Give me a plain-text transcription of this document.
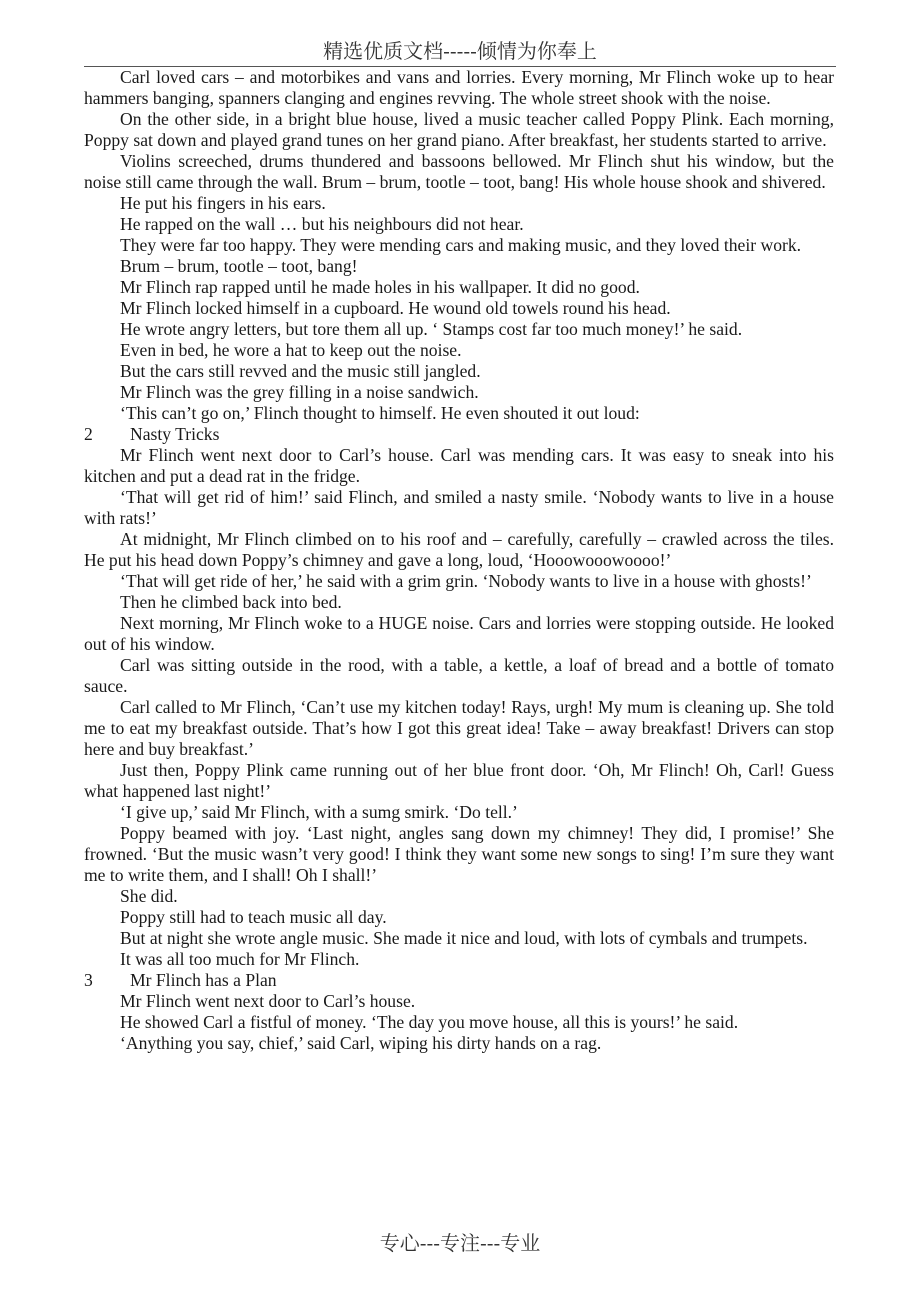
精选优质文档-----倾情为你奉上

Carl loved cars – and motorbikes and vans and lorries. Every morning, Mr Flinch woke up to hear hammers banging, spanners clanging and engines revving. The whole street shook with the noise.

On the other side, in a bright blue house, lived a music teacher called Poppy Plink. Each morning, Poppy sat down and played grand tunes on her grand piano. After breakfast, her students started to arrive.

Violins screeched, drums thundered and bassoons bellowed. Mr Flinch shut his window, but the noise still came through the wall. Brum – brum, tootle – toot, bang! His whole house shook and shivered.

He put his fingers in his ears.

He rapped on the wall … but his neighbours did not hear.

They were far too happy. They were mending cars and making music, and they loved their work.

Brum – brum, tootle – toot, bang!

Mr Flinch rap rapped until he made holes in his wallpaper. It did no good.

Mr Flinch locked himself in a cupboard. He wound old towels round his head.

He wrote angry letters, but tore them all up. ‘ Stamps cost far too much money!’ he said.

Even in bed, he wore a hat to keep out the noise.

But the cars still revved and the music still jangled.

Mr Flinch was the grey filling in a noise sandwich.

‘This can’t go on,’ Flinch thought to himself. He even shouted it out loud:

2 Nasty Tricks

Mr Flinch went next door to Carl’s house. Carl was mending cars. It was easy to sneak into his kitchen and put a dead rat in the fridge.

‘That will get rid of him!’ said Flinch, and smiled a nasty smile. ‘Nobody wants to live in a house with rats!’

At midnight, Mr Flinch climbed on to his roof and – carefully, carefully – crawled across the tiles. He put his head down Poppy’s chimney and gave a long, loud, ‘Hooowooowoooo!’

‘That will get ride of her,’ he said with a grim grin. ‘Nobody wants to live in a house with ghosts!’

Then he climbed back into bed.

Next morning, Mr Flinch woke to a HUGE noise. Cars and lorries were stopping outside. He looked out of his window.

Carl was sitting outside in the rood, with a table, a kettle, a loaf of bread and a bottle of tomato sauce.

Carl called to Mr Flinch, ‘Can’t use my kitchen today! Rays, urgh! My mum is cleaning up. She told me to eat my breakfast outside. That’s how I got this great idea! Take – away breakfast! Drivers can stop here and buy breakfast.’

Just then, Poppy Plink came running out of her blue front door. ‘Oh, Mr Flinch! Oh, Carl! Guess what happened last night!’

‘I give up,’ said Mr Flinch, with a sumg smirk. ‘Do tell.’

Poppy beamed with joy. ‘Last night, angles sang down my chimney! They did, I promise!’ She frowned. ‘But the music wasn’t very good! I think they want some new songs to sing! I’m sure they want me to write them, and I shall! Oh I shall!’

She did.

Poppy still had to teach music all day.

But at night she wrote angle music. She made it nice and loud, with lots of cymbals and trumpets.

It was all too much for Mr Flinch.

3 Mr Flinch has a Plan

Mr Flinch went next door to Carl’s house.

He showed Carl a fistful of money. ‘The day you move house, all this is yours!’ he said.

‘Anything you say, chief,’ said Carl, wiping his dirty hands on a rag.

专心---专注---专业
